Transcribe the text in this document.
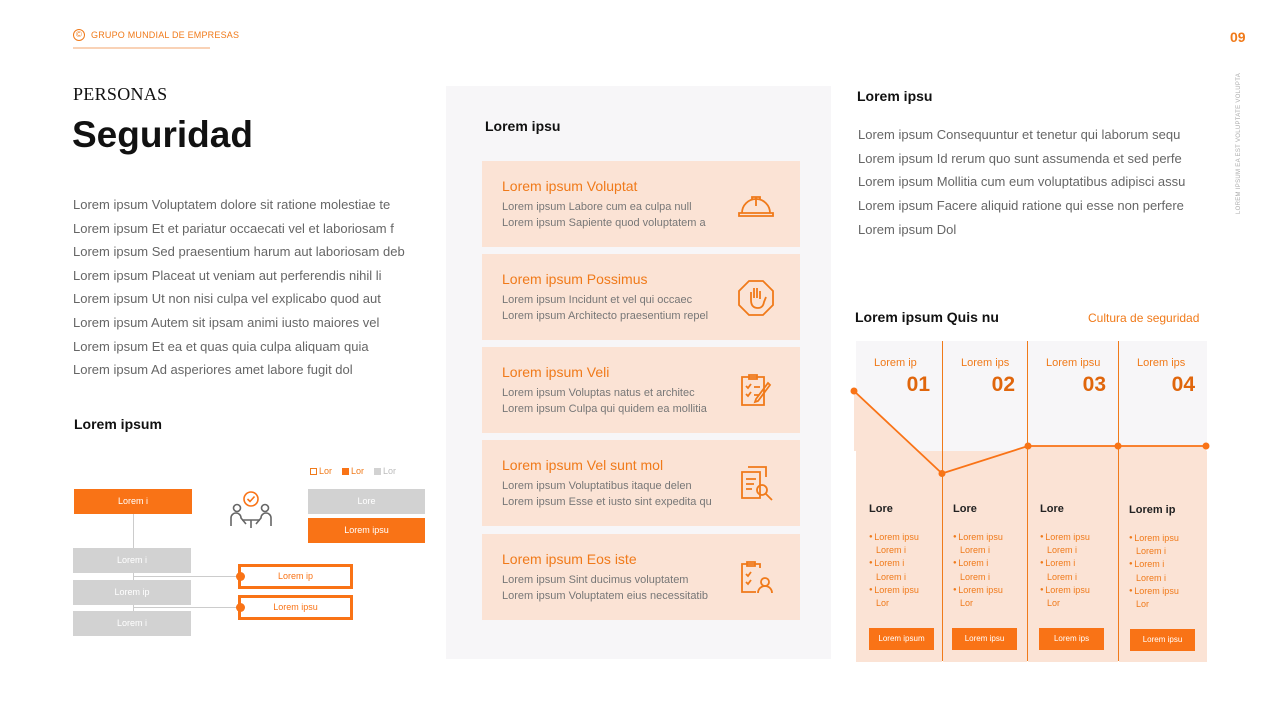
© GRUPO MUNDIAL DE EMPRESAS	09
LOREM IPSUM EA EST VOLUPTATE VOLUPTA
PERSONAS
Seguridad
Lorem ipsum Voluptatem dolore sit ratione molestiae te
Lorem ipsum Et et pariatur occaecati vel et laboriosam f
Lorem ipsum Sed praesentium harum aut laboriosam deb
Lorem ipsum Placeat ut veniam aut perferendis nihil li
Lorem ipsum Ut non nisi culpa vel explicabo quod aut
Lorem ipsum Autem sit ipsam animi iusto maiores vel
Lorem ipsum Et ea et quas quia culpa aliquam quia
Lorem ipsum Ad asperiores amet labore fugit dol
Lorem ipsum
Lor Lor Lor
Lorem i
Lorem i
Lorem ip
Lorem i
Lorem ip
Lorem ipsu
Lore
Lorem ipsu
Lorem ipsu
Lorem ipsum Voluptat
Lorem ipsum Labore cum ea culpa null
Lorem ipsum Sapiente quod voluptatem a
Lorem ipsum Possimus
Lorem ipsum Incidunt et vel qui occaec
Lorem ipsum Architecto praesentium repel
Lorem ipsum Veli
Lorem ipsum Voluptas natus et architec
Lorem ipsum Culpa qui quidem ea mollitia
Lorem ipsum Vel sunt mol
Lorem ipsum Voluptatibus itaque delen
Lorem ipsum Esse et iusto sint expedita qu
Lorem ipsum Eos iste
Lorem ipsum Sint ducimus voluptatem
Lorem ipsum Voluptatem eius necessitatib
Lorem ipsu
Lorem ipsum Consequuntur et tenetur qui laborum sequ
Lorem ipsum Id rerum quo sunt assumenda et sed perfe
Lorem ipsum Mollitia cum eum voluptatibus adipisci assu
Lorem ipsum Facere aliquid ratione qui esse non perfere
Lorem ipsum Dol
Lorem ipsum Quis nu	Cultura de seguridad
Lorem ip
01
Lorem ips
02
Lorem ipsu
03
Lorem ips
04
Lore
● Lorem ipsu
Lorem i
● Lorem i
Lorem i
● Lorem ipsu
Lor
Lorem ipsum
Lore
● Lorem ipsu
Lorem i
● Lorem i
Lorem i
● Lorem ipsu
Lor
Lorem ipsu
Lore
● Lorem ipsu
Lorem i
● Lorem i
Lorem i
● Lorem ipsu
Lor
Lorem ips
Lorem ip
● Lorem ipsu
Lorem i
● Lorem i
Lorem i
● Lorem ipsu
Lor
Lorem ipsu
